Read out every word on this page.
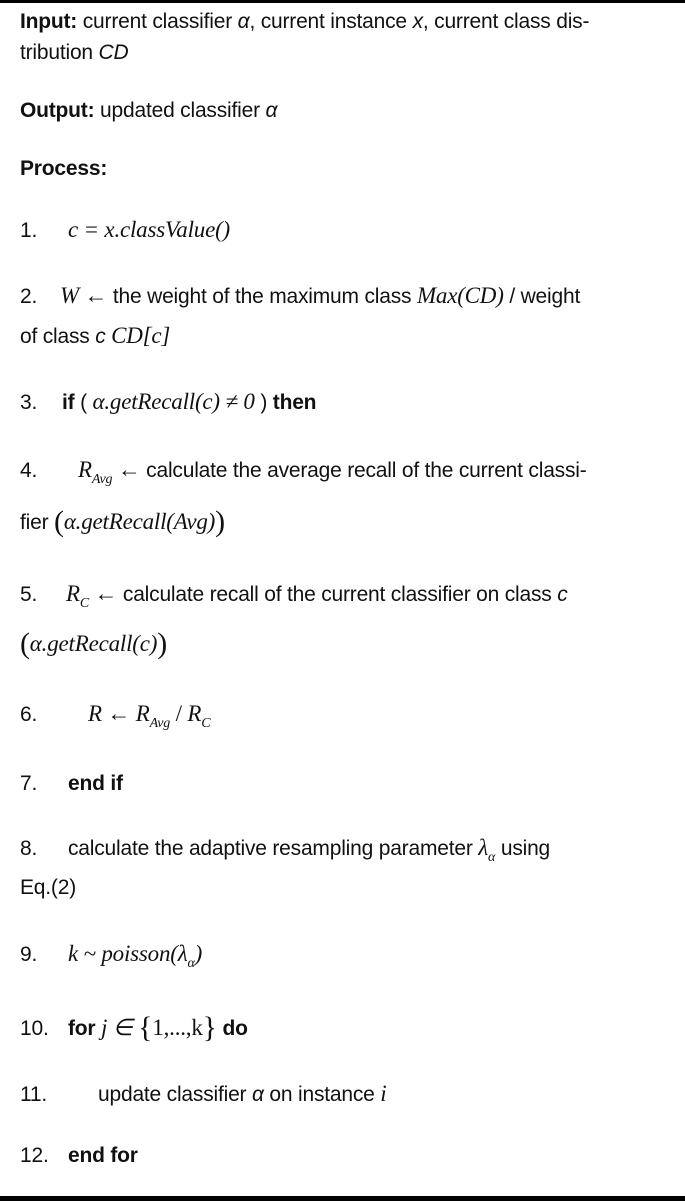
Input: current classifier α, current instance x, current class dis-
tribution CD
Output: updated classifier α
Process:
1. c = x.classValue()
2. W ← the weight of the maximum class Max(CD) / weight
of class c CD[c]
3. if ( α.getRecall(c) ≠ 0 ) then
4. $R_{Avg}$ ← calculate the average recall of the current classi-
fier (α.getRecall(Avg))
5. $R_C$ ← calculate recall of the current classifier on class c
(α.getRecall(c))
6. R ← $R_{Avg} / R_C$
7. end if
8. calculate the adaptive resampling parameter $\lambda_\alpha$ using
Eq.(2)
9. k ~ $poisson(\lambda_\alpha)$
10. for j ∈ {1,...,k} do
11. update classifier α on instance i
12. end for
